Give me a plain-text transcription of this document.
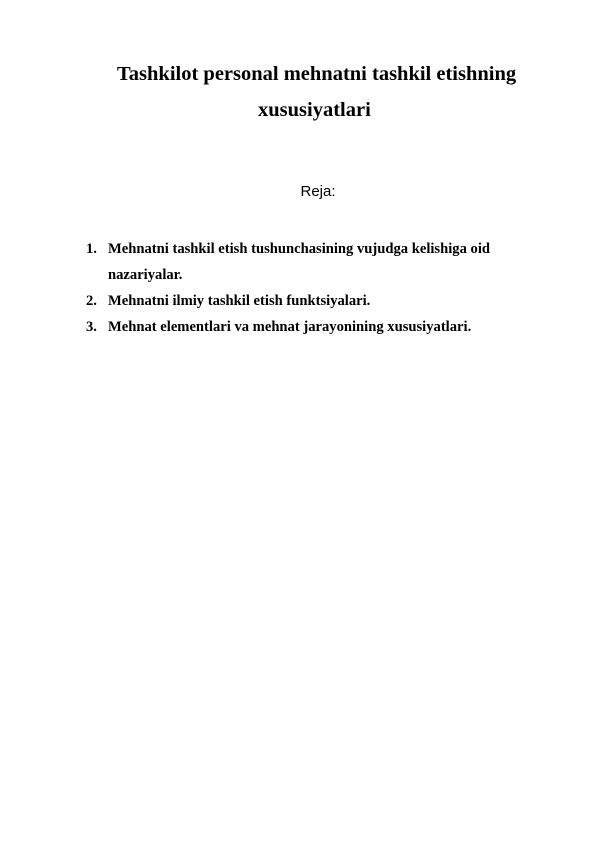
Tashkilot personal mehnatni tashkil etishning
xususiyatlari
Reja:
1. Mehnatni tashkil etish tushunchasining vujudga kelishiga oid nazariyalar.
2. Mehnatni ilmiy tashkil etish funktsiyalari.
3. Mehnat elementlari va mehnat jarayonining xususiyatlari.
